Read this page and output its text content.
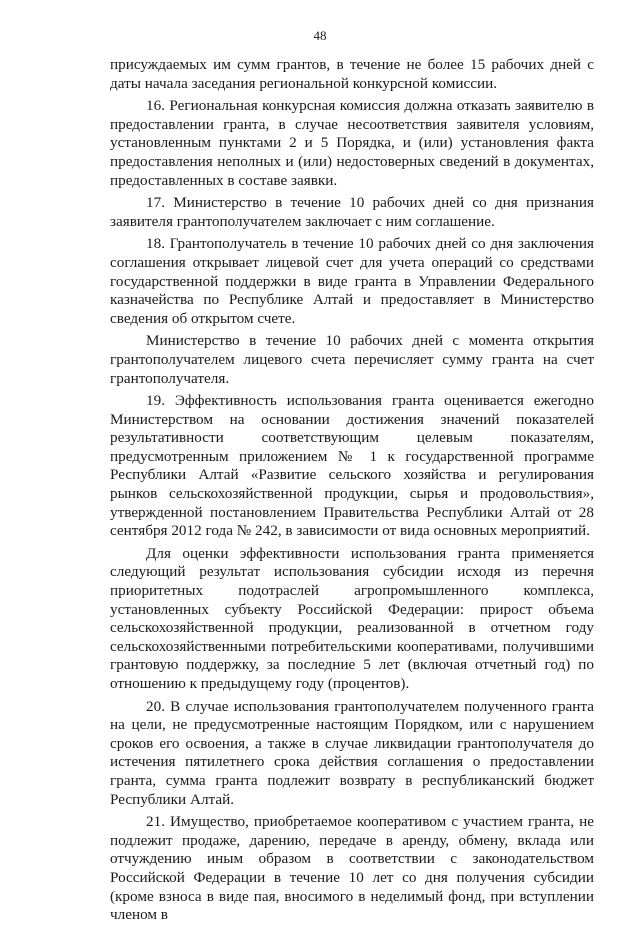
48

присуждаемых им сумм грантов, в течение не более 15 рабочих дней с даты начала заседания региональной конкурсной комиссии.

16. Региональная конкурсная комиссия должна отказать заявителю в предоставлении гранта, в случае несоответствия заявителя условиям, установленным пунктами 2 и 5 Порядка, и (или) установления факта предоставления неполных и (или) недостоверных сведений в документах, предоставленных в составе заявки.

17. Министерство в течение 10 рабочих дней со дня признания заявителя грантополучателем заключает с ним соглашение.

18. Грантополучатель в течение 10 рабочих дней со дня заключения соглашения открывает лицевой счет для учета операций со средствами государственной поддержки в виде гранта в Управлении Федерального казначейства по Республике Алтай и предоставляет в Министерство сведения об открытом счете.

Министерство в течение 10 рабочих дней с момента открытия грантополучателем лицевого счета перечисляет сумму гранта на счет грантополучателя.

19. Эффективность использования гранта оценивается ежегодно Министерством на основании достижения значений показателей результативности соответствующим целевым показателям, предусмотренным приложением № 1 к государственной программе Республики Алтай «Развитие сельского хозяйства и регулирования рынков сельскохозяйственной продукции, сырья и продовольствия», утвержденной постановлением Правительства Республики Алтай от 28 сентября 2012 года № 242, в зависимости от вида основных мероприятий.

Для оценки эффективности использования гранта применяется следующий результат использования субсидии исходя из перечня приоритетных подотраслей агропромышленного комплекса, установленных субъекту Российской Федерации: прирост объема сельскохозяйственной продукции, реализованной в отчетном году сельскохозяйственными потребительскими кооперативами, получившими грантовую поддержку, за последние 5 лет (включая отчетный год) по отношению к предыдущему году (процентов).

20. В случае использования грантополучателем полученного гранта на цели, не предусмотренные настоящим Порядком, или с нарушением сроков его освоения, а также в случае ликвидации грантополучателя до истечения пятилетнего срока действия соглашения о предоставлении гранта, сумма гранта подлежит возврату в республиканский бюджет Республики Алтай.

21. Имущество, приобретаемое кооперативом с участием гранта, не подлежит продаже, дарению, передаче в аренду, обмену, вклада или отчуждению иным образом в соответствии с законодательством Российской Федерации в течение 10 лет со дня получения субсидии (кроме взноса в виде пая, вносимого в неделимый фонд, при вступлении членом в
